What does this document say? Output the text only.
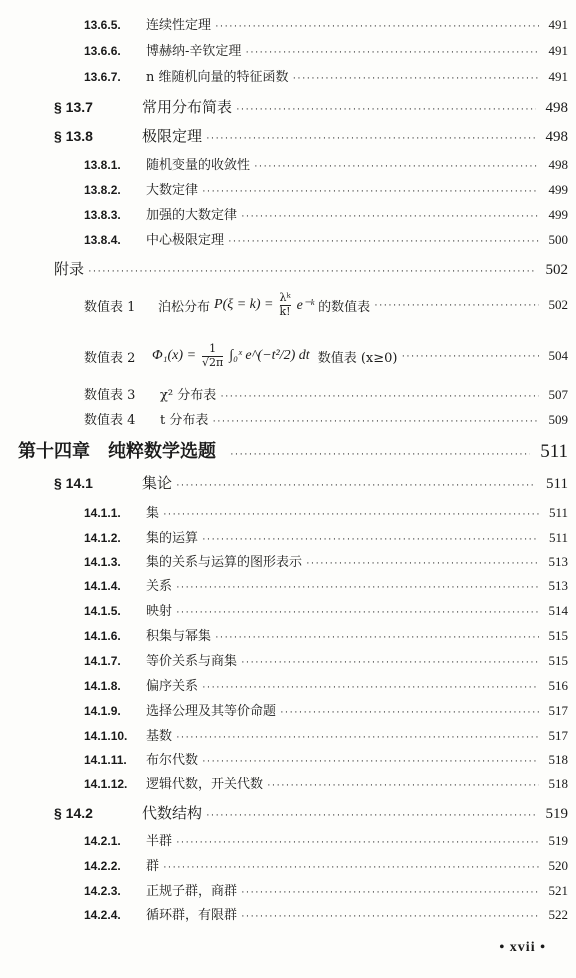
13.6.5.	连续性定理 ·····	491
13.6.6.	博赫纳-辛钦定理 ·····	491
13.6.7.	n 维随机向量的特征函数 ·····	491
§ 13.7	常用分布简表 ·····	498
§ 13.8	极限定理 ·····	498
13.8.1.	随机变量的收敛性 ·····	498
13.8.2.	大数定律 ·····	499
13.8.3.	加强的大数定律 ·····	499
13.8.4.	中心极限定理 ·····	500
附录 ·····	502
数值表 1	泊松分布 $P(\xi = k) = \frac{\text{λᵏ}}{k!}$ e⁻ᵏ 的数值表 ·····	502
数值表 2	$\Phi_1(x) = \frac{1}{√2\pi}$ ∫₀ˣ e^(−t²/2) dt 数值表 (x≥0) ·····	504
数值表 3	χ² 分布表 ·····	507
数值表 4	t 分布表 ·····	509
第十四章　纯粹数学选题 ·····	511
§ 14.1	集论 ·····	511
14.1.1.	集 ·····	511
14.1.2.	集的运算 ·····	511
14.1.3.	集的关系与运算的图形表示 ·····	513
14.1.4.	关系 ·····	513
14.1.5.	映射 ·····	514
14.1.6.	积集与幂集 ·····	515
14.1.7.	等价关系与商集 ·····	515
14.1.8.	偏序关系 ·····	516
14.1.9.	选择公理及其等价命题 ·····	517
14.1.10.	基数 ·····	517
14.1.11.	布尔代数 ·····	518
14.1.12.	逻辑代数，开关代数 ·····	518
§ 14.2	代数结构 ·····	519
14.2.1.	半群 ·····	519
14.2.2.	群 ·····	520
14.2.3.	正规子群，商群 ·····	521
14.2.4.	循环群，有限群 ·····	522
• xvii •
